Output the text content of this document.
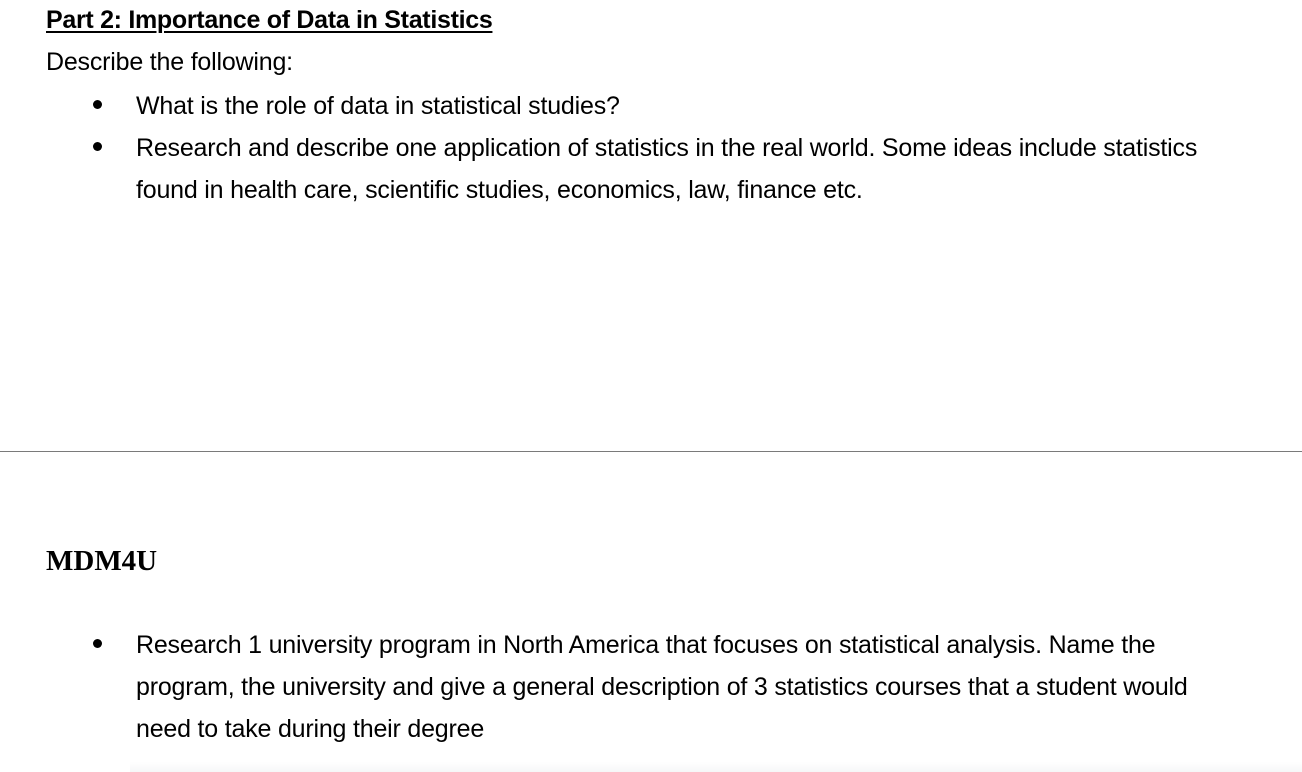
Part 2: Importance of Data in Statistics
Describe the following:
What is the role of data in statistical studies?
Research and describe one application of statistics in the real world. Some ideas include statistics found in health care, scientific studies, economics, law, finance etc.
MDM4U
Research 1 university program in North America that focuses on statistical analysis. Name the program, the university and give a general description of 3 statistics courses that a student would need to take during their degree
